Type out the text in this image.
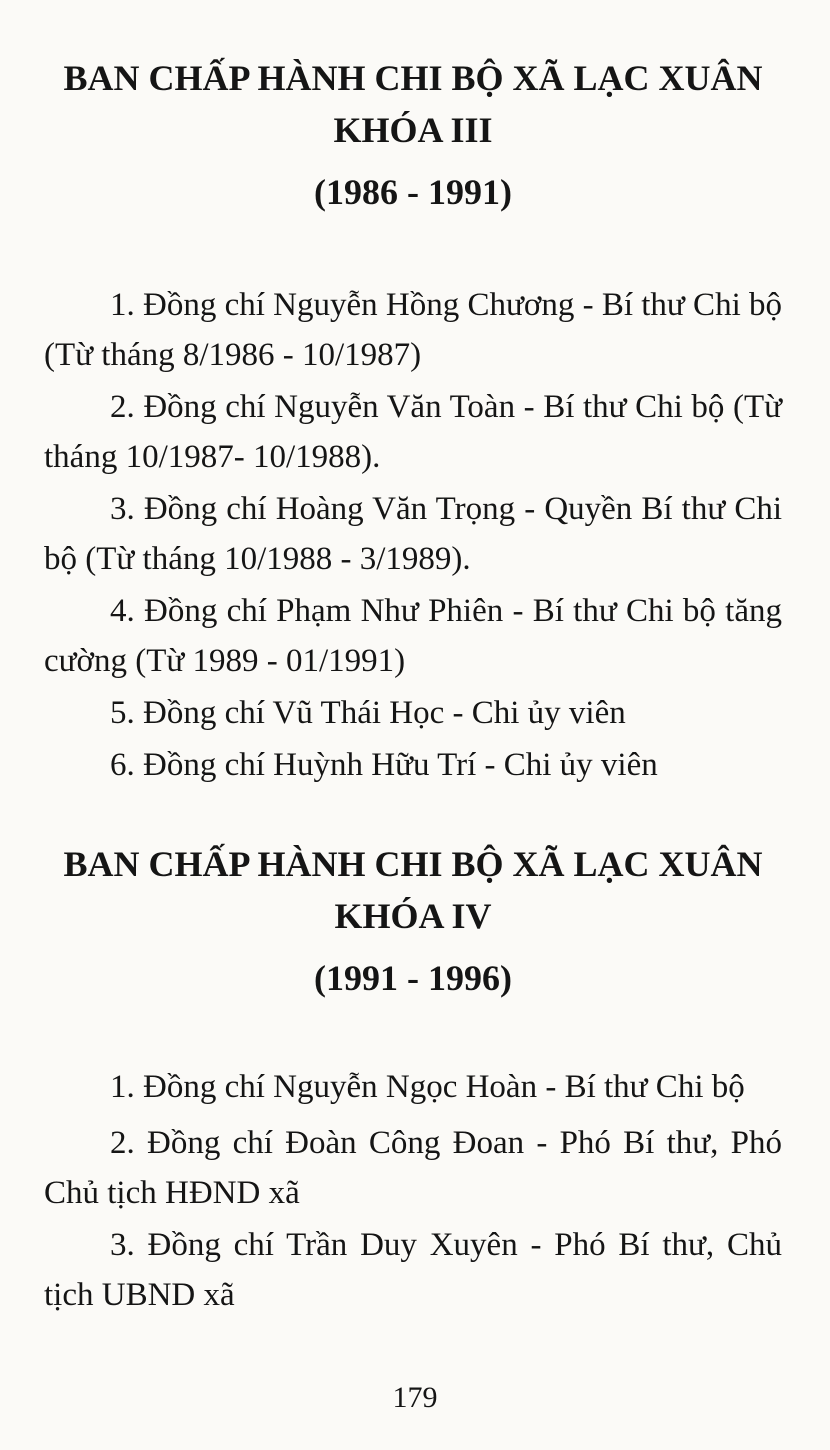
BAN CHẤP HÀNH CHI BỘ XÃ LẠC XUÂN
KHÓA III
(1986 - 1991)
1. Đồng chí Nguyễn Hồng Chương - Bí thư Chi bộ (Từ tháng 8/1986 - 10/1987)
2. Đồng chí Nguyễn Văn Toàn - Bí thư Chi bộ (Từ tháng 10/1987- 10/1988).
3. Đồng chí Hoàng Văn Trọng - Quyền Bí thư Chi bộ (Từ tháng 10/1988 - 3/1989).
4. Đồng chí Phạm Như Phiên - Bí thư Chi bộ tăng cường (Từ 1989 - 01/1991)
5. Đồng chí Vũ Thái Học - Chi ủy viên
6. Đồng chí Huỳnh Hữu Trí - Chi ủy viên
BAN CHẤP HÀNH CHI BỘ XÃ LẠC XUÂN
KHÓA IV
(1991 - 1996)
1. Đồng chí Nguyễn Ngọc Hoàn - Bí thư Chi bộ
2. Đồng chí Đoàn Công Đoan - Phó Bí thư, Phó Chủ tịch HĐND xã
3. Đồng chí Trần Duy Xuyên - Phó Bí thư, Chủ tịch UBND xã
179
